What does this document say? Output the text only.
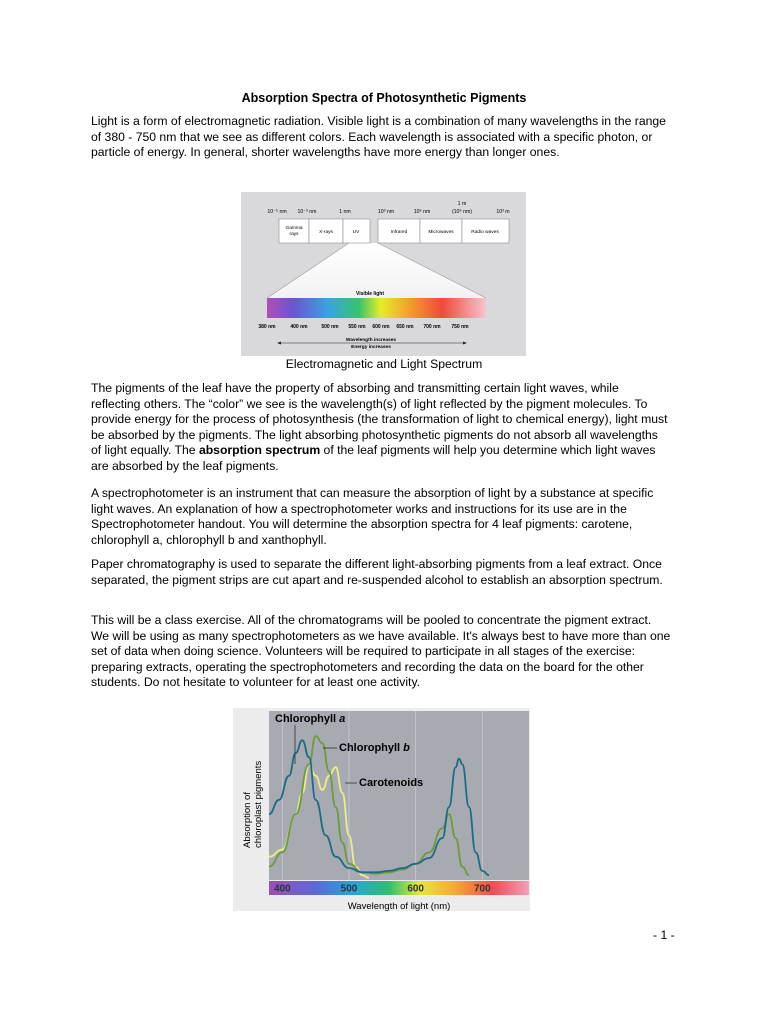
Absorption Spectra of Photosynthetic Pigments

Light is a form of electromagnetic radiation. Visible light is a combination of many wavelengths in the range of 380 - 750 nm that we see as different colors. Each wavelength is associated with a specific photon, or particle of energy. In general, shorter wavelengths have more energy than longer ones.

10⁻⁵ nm 10⁻³ nm	1 nm	10³ nm	10⁶ nm
1 m
(10⁹ nm)	10³ m
Gamma
rays	X-rays	UV	Infrared	Microwaves	Radio waves
Visible light
380 nm	400 nm	500 nm 550 nm 600 nm 650 nm 700 nm 750 nm
Wavelength increases
Energy increases
Electromagnetic and Light Spectrum

The pigments of the leaf have the property of absorbing and transmitting certain light waves, while reflecting others. The “color” we see is the wavelength(s) of light reflected by the pigment molecules. To provide energy for the process of photosynthesis (the transformation of light to chemical energy), light must be absorbed by the pigments. The light absorbing photosynthetic pigments do not absorb all wavelengths of light equally. The absorption spectrum of the leaf pigments will help you determine which light waves are absorbed by the leaf pigments.

A spectrophotometer is an instrument that can measure the absorption of light by a substance at specific light waves. An explanation of how a spectrophotometer works and instructions for its use are in the Spectrophotometer handout. You will determine the absorption spectra for 4 leaf pigments: carotene, chlorophyll a, chlorophyll b and xanthophyll.

Paper chromatography is used to separate the different light-absorbing pigments from a leaf extract. Once separated, the pigment strips are cut apart and re-suspended alcohol to establish an absorption spectrum.

This will be a class exercise. All of the chromatograms will be pooled to concentrate the pigment extract. We will be using as many spectrophotometers as we have available. It's always best to have more than one set of data when doing science. Volunteers will be required to participate in all stages of the exercise: preparing extracts, operating the spectrophotometers and recording the data on the board for the other students. Do not hesitate to volunteer for at least one activity.

400	500	600	700
Absorption of chloroplast pigments
Wavelength of light (nm)
Chlorophyll a
Chlorophyll b
Carotenoids
- 1 -
